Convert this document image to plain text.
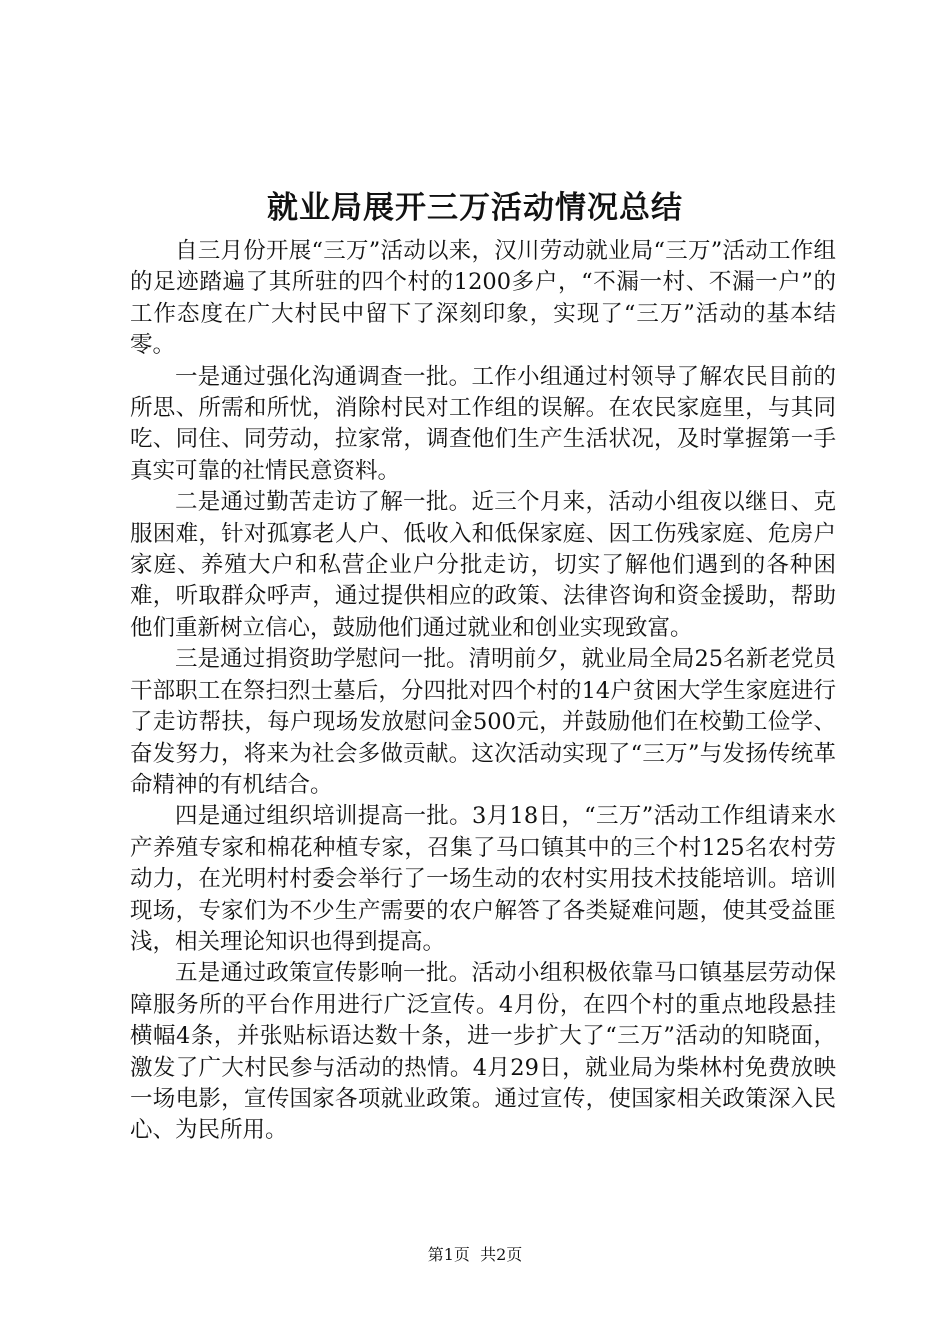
就业局展开三万活动情况总结

自三月份开展“三万”活动以来，汉川劳动就业局“三万”活动工作组的足迹踏遍了其所驻的四个村的1200多户，“不漏一村、不漏一户”的工作态度在广大村民中留下了深刻印象，实现了“三万”活动的基本结零。

一是通过强化沟通调查一批。工作小组通过村领导了解农民目前的所思、所需和所忧，消除村民对工作组的误解。在农民家庭里，与其同吃、同住、同劳动，拉家常，调查他们生产生活状况，及时掌握第一手真实可靠的社情民意资料。

二是通过勤苦走访了解一批。近三个月来，活动小组夜以继日、克服困难，针对孤寡老人户、低收入和低保家庭、因工伤残家庭、危房户家庭、养殖大户和私营企业户分批走访，切实了解他们遇到的各种困难，听取群众呼声，通过提供相应的政策、法律咨询和资金援助，帮助他们重新树立信心，鼓励他们通过就业和创业实现致富。

三是通过捐资助学慰问一批。清明前夕，就业局全局25名新老党员干部职工在祭扫烈士墓后，分四批对四个村的14户贫困大学生家庭进行了走访帮扶，每户现场发放慰问金500元，并鼓励他们在校勤工俭学、奋发努力，将来为社会多做贡献。这次活动实现了“三万”与发扬传统革命精神的有机结合。

四是通过组织培训提高一批。3月18日，“三万”活动工作组请来水产养殖专家和棉花种植专家，召集了马口镇其中的三个村125名农村劳动力，在光明村村委会举行了一场生动的农村实用技术技能培训。培训现场，专家们为不少生产需要的农户解答了各类疑难问题，使其受益匪浅，相关理论知识也得到提高。

五是通过政策宣传影响一批。活动小组积极依靠马口镇基层劳动保障服务所的平台作用进行广泛宣传。4月份，在四个村的重点地段悬挂横幅4条，并张贴标语达数十条，进一步扩大了“三万”活动的知晓面，激发了广大村民参与活动的热情。4月29日，就业局为柴林村免费放映一场电影，宣传国家各项就业政策。通过宣传，使国家相关政策深入民心、为民所用。

第1页  共2页
